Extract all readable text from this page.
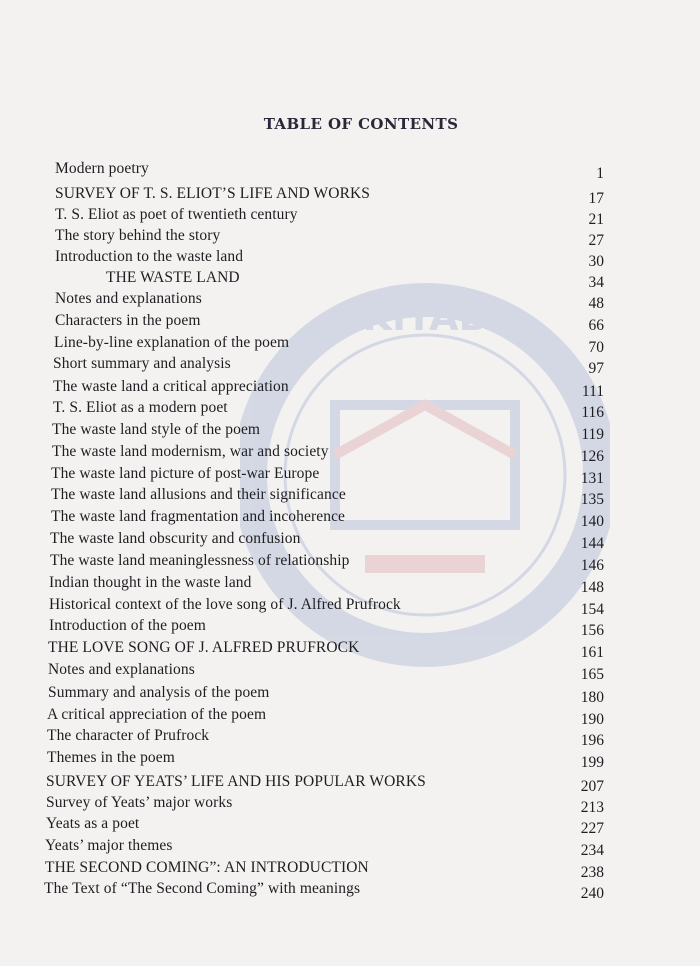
KITAB
TABLE OF CONTENTS
Modern poetry	1
SURVEY OF T. S. ELIOT’S LIFE AND WORKS	17
T. S. Eliot as poet of twentieth century	21
The story behind the story	27
Introduction to the waste land	30
THE WASTE LAND	34
Notes and explanations	48
Characters in the poem	66
Line-by-line explanation of the poem	70
Short summary and analysis	97
The waste land a critical appreciation	111
T. S. Eliot as a modern poet	116
The waste land style of the poem	119
The waste land modernism, war and society	126
The waste land picture of post-war Europe	131
The waste land allusions and their significance	135
The waste land fragmentation and incoherence	140
The waste land obscurity and confusion	144
The waste land meaninglessness of relationship	146
Indian thought in the waste land	148
Historical context of the love song of J. Alfred Prufrock	154
Introduction of the poem	156
THE LOVE SONG OF J. ALFRED PRUFROCK	161
Notes and explanations	165
Summary and analysis of the poem	180
A critical appreciation of the poem	190
The character of Prufrock	196
Themes in the poem	199
SURVEY OF YEATS’ LIFE AND HIS POPULAR WORKS	207
Survey of Yeats’ major works	213
Yeats as a poet	227
Yeats’ major themes	234
THE SECOND COMING”: AN INTRODUCTION	238
The Text of “The Second Coming” with meanings	240
